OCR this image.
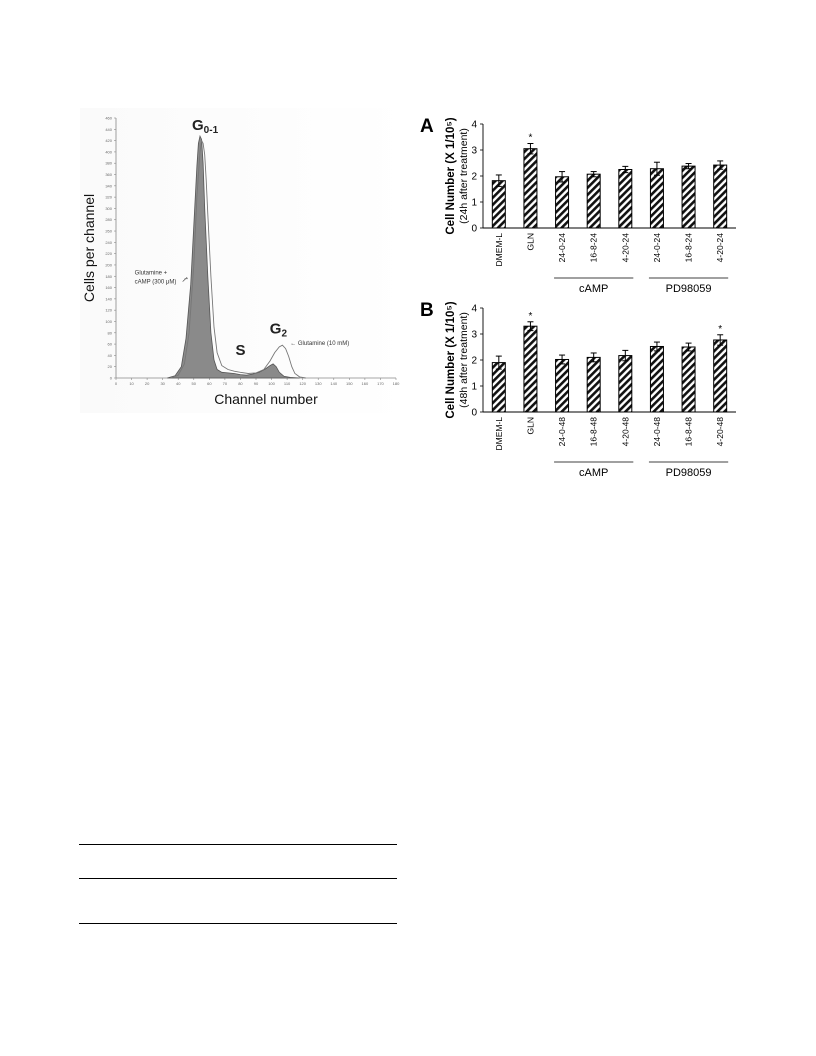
0
20
40
60
80
100
120
140
160
180
200
220
240
260
280
300
320
340
360
380
400
420
440
460
0	10	20	30	40	50	60	70	80	90 100 110 120 130 140 150 160 170 180
Channel number
Cells per channel
$G_{0-1}$
S
$G_2$
Glutamine +
cAMP (300 μM)
→
← Glutamine (10 mM)
A
0
1
2
3
4
Cell Number (X 1/10⁵) (24h after treatment)
DMEM-L
*
GLN	24-0-24	16-8-24	4-20-24	24-0-24	16-8-24	4-20-24
cAMP	PD98059
B
0
1
2
3
4
Cell Number (X 1/10⁵) (48h after treatment)
DMEM-L
*
GLN	24-0-48	16-8-48	4-20-48	24-0-48	16-8-48
*
4-20-48
cAMP	PD98059
